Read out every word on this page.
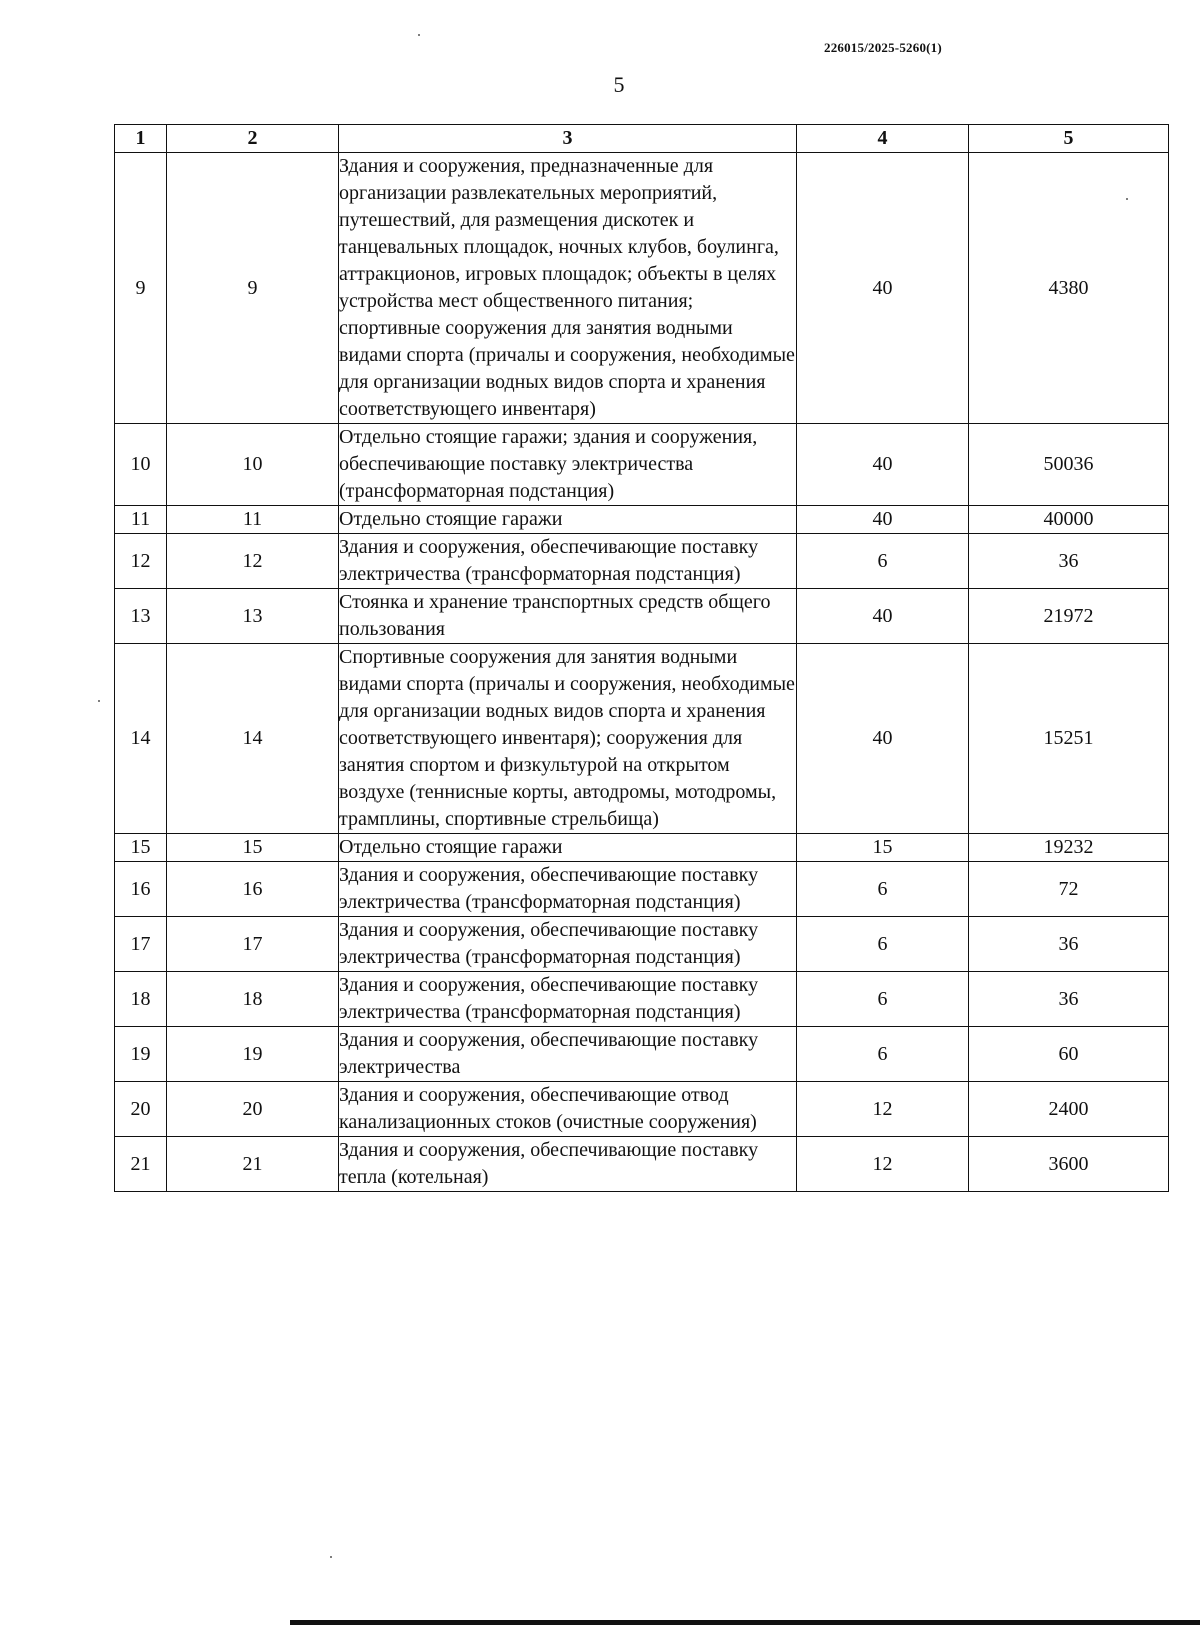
226015/2025-5260(1)
5
1	2	3	4	5
9	9	Здания и сооружения, предназначенные для организации развлекательных мероприятий, путешествий, для размещения дискотек и танцевальных площадок, ночных клубов, боулинга, аттракционов, игровых площадок; объекты в целях устройства мест общественного питания; спортивные сооружения для занятия водными видами спорта (причалы и сооружения, необходимые для организации водных видов спорта и хранения соответствующего инвентаря)	40	4380
10	10	Отдельно стоящие гаражи; здания и сооружения, обеспечивающие поставку электричества (трансформаторная подстанция)	40	50036
11	11	Отдельно стоящие гаражи	40	40000
12	12	Здания и сооружения, обеспечивающие поставку электричества (трансформаторная подстанция)	6	36
13	13	Стоянка и хранение транспортных средств общего пользования	40	21972
14	14	Спортивные сооружения для занятия водными видами спорта (причалы и сооружения, необходимые для организации водных видов спорта и хранения соответствующего инвентаря); сооружения для занятия спортом и физкультурой на открытом воздухе (теннисные корты, автодромы, мотодромы, трамплины, спортивные стрельбища)	40	15251
15	15	Отдельно стоящие гаражи	15	19232
16	16	Здания и сооружения, обеспечивающие поставку электричества (трансформаторная подстанция)	6	72
17	17	Здания и сооружения, обеспечивающие поставку электричества (трансформаторная подстанция)	6	36
18	18	Здания и сооружения, обеспечивающие поставку электричества (трансформаторная подстанция)	6	36
19	19	Здания и сооружения, обеспечивающие поставку электричества	6	60
20	20	Здания и сооружения, обеспечивающие отвод канализационных стоков (очистные сооружения)	12	2400
21	21	Здания и сооружения, обеспечивающие поставку тепла (котельная)	12	3600
